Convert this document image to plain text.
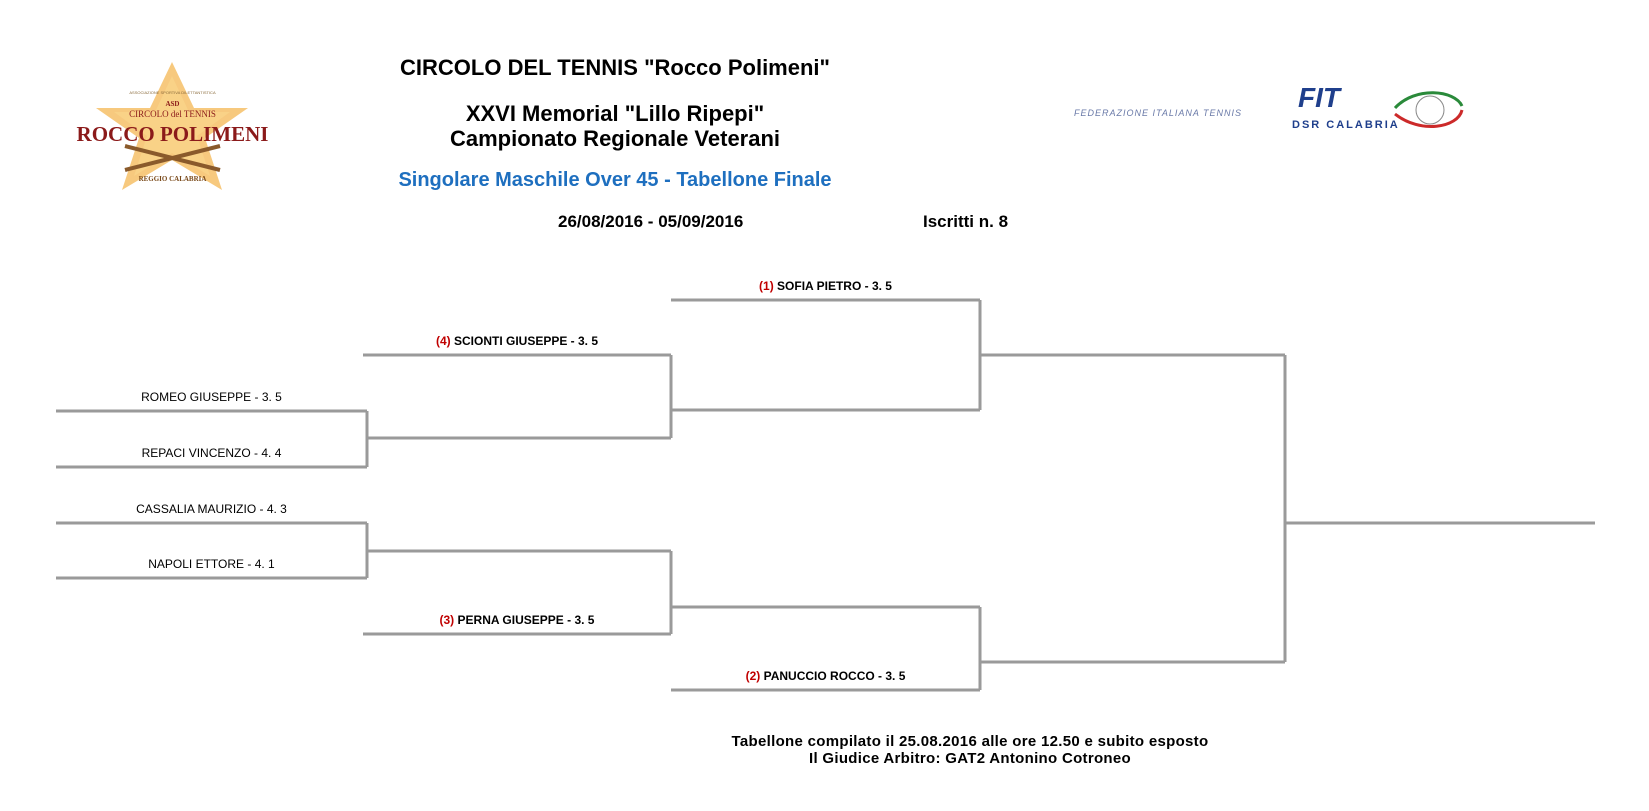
ASSOCIAZIONE SPORTIVA DILETTANTISTICA
ASD
CIRCOLO del TENNIS
ROCCO POLIMENI
REGGIO CALABRIA
FIT
FEDERAZIONE ITALIANA TENNIS
DSR CALABRIA
CIRCOLO DEL TENNIS "Rocco Polimeni"
XXVI Memorial "Lillo Ripepi"
Campionato Regionale Veterani
Singolare Maschile Over 45 - Tabellone Finale
26/08/2016 - 05/09/2016	Iscritti n. 8
ROMEO GIUSEPPE - 3. 5
REPACI VINCENZO - 4. 4
CASSALIA MAURIZIO - 4. 3
NAPOLI ETTORE - 4. 1
(4) SCIONTI GIUSEPPE - 3. 5
(3) PERNA GIUSEPPE - 3. 5
(1) SOFIA PIETRO - 3. 5
(2) PANUCCIO ROCCO - 3. 5
Tabellone compilato il 25.08.2016 alle ore 12.50 e subito esposto
Il Giudice Arbitro: GAT2 Antonino Cotroneo
